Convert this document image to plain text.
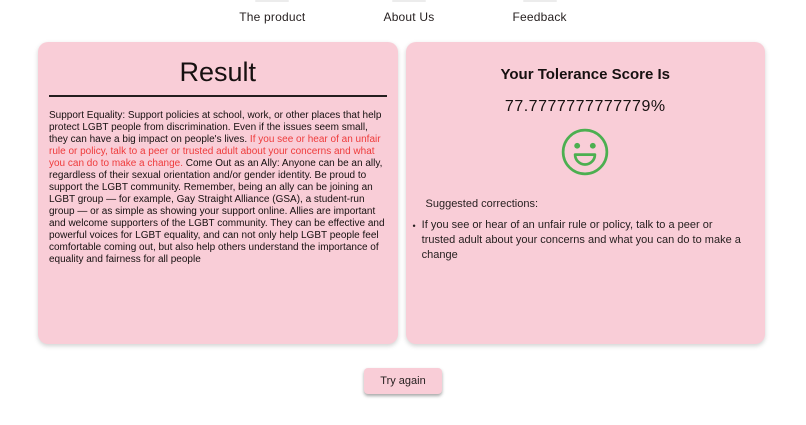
The product	About Us	Feedback
Result

Support Equality: Support policies at school, work, or other places that help protect LGBT people from discrimination. Even if the issues seem small, they can have a big impact on people's lives. If you see or hear of an unfair rule or policy, talk to a peer or trusted adult about your concerns and what you can do to make a change. Come Out as an Ally: Anyone can be an ally, regardless of their sexual orientation and/or gender identity. Be proud to support the LGBT community. Remember, being an ally can be joining an LGBT group — for example, Gay Straight Alliance (GSA), a student-run group — or as simple as showing your support online. Allies are important and welcome supporters of the LGBT community. They can be effective and powerful voices for LGBT equality, and can not only help LGBT people feel comfortable coming out, but also help others understand the importance of equality and fairness for all people

Your Tolerance Score Is
77.7777777777779%
Suggested corrections:
• If you see or hear of an unfair rule or policy, talk to a peer or trusted adult about your concerns and what you can do to make a change
Try again
